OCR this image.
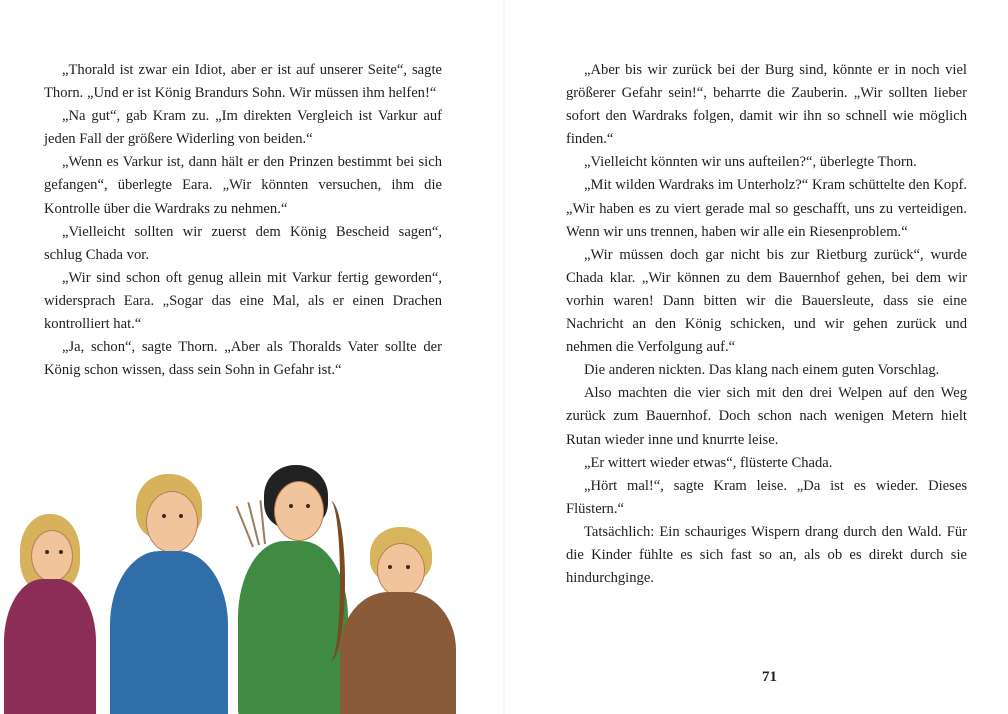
„Thorald ist zwar ein Idiot, aber er ist auf unserer Seite“, sagte Thorn. „Und er ist König Brandurs Sohn. Wir müssen ihm helfen!“

„Na gut“, gab Kram zu. „Im direkten Vergleich ist Varkur auf jeden Fall der größere Widerling von beiden.“

„Wenn es Varkur ist, dann hält er den Prinzen bestimmt bei sich gefangen“, überlegte Eara. „Wir könnten versuchen, ihm die Kontrolle über die Wardraks zu nehmen.“

„Vielleicht sollten wir zuerst dem König Bescheid sagen“, schlug Chada vor.

„Wir sind schon oft genug allein mit Varkur fertig geworden“, widersprach Eara. „Sogar das eine Mal, als er einen Drachen kontrolliert hat.“

„Ja, schon“, sagte Thorn. „Aber als Thoralds Vater sollte der König schon wissen, dass sein Sohn in Gefahr ist.“

„Aber bis wir zurück bei der Burg sind, könnte er in noch viel größerer Gefahr sein!“, beharrte die Zauberin. „Wir sollten lieber sofort den Wardraks folgen, damit wir ihn so schnell wie möglich finden.“

„Vielleicht könnten wir uns aufteilen?“, überlegte Thorn.

„Mit wilden Wardraks im Unterholz?“ Kram schüttelte den Kopf. „Wir haben es zu viert gerade mal so geschafft, uns zu verteidigen. Wenn wir uns trennen, haben wir alle ein Riesenproblem.“

„Wir müssen doch gar nicht bis zur Rietburg zurück“, wurde Chada klar. „Wir können zu dem Bauernhof gehen, bei dem wir vorhin waren! Dann bitten wir die Bauersleute, dass sie eine Nachricht an den König schicken, und wir gehen zurück und nehmen die Verfolgung auf.“

Die anderen nickten. Das klang nach einem guten Vorschlag.

Also machten die vier sich mit den drei Welpen auf den Weg zurück zum Bauernhof. Doch schon nach wenigen Metern hielt Rutan wieder inne und knurrte leise.

„Er wittert wieder etwas“, flüsterte Chada.

„Hört mal!“, sagte Kram leise. „Da ist es wieder. Dieses Flüstern.“

Tatsächlich: Ein schauriges Wispern drang durch den Wald. Für die Kinder fühlte es sich fast so an, als ob es direkt durch sie hindurchginge.

71
